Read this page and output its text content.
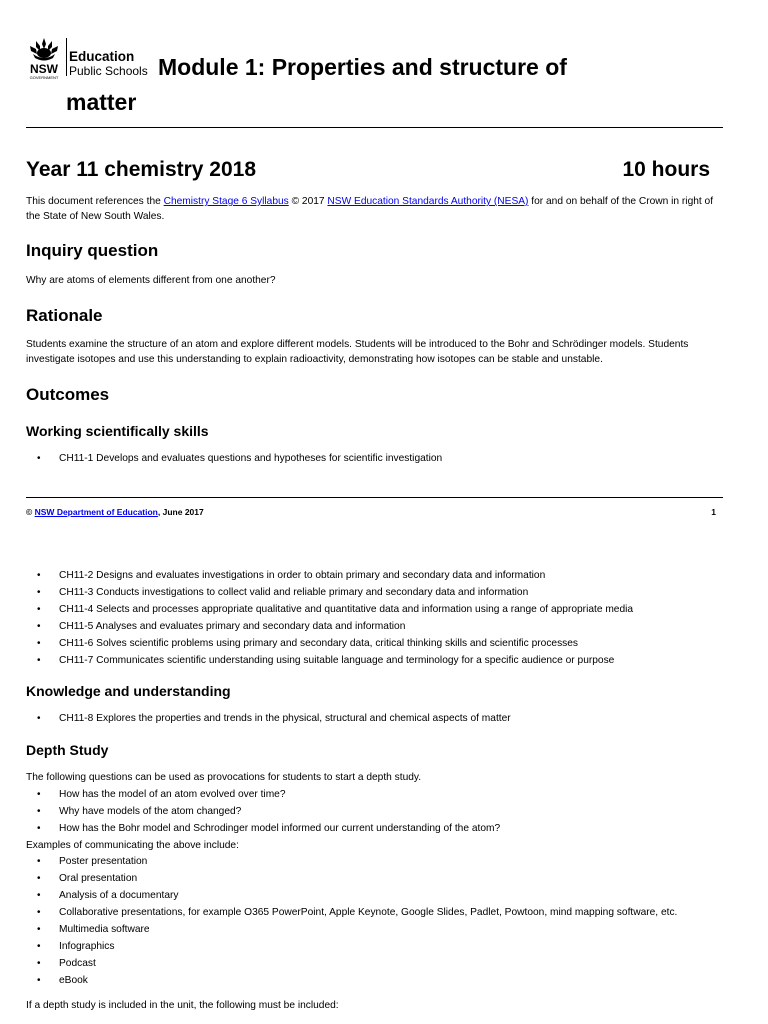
NSW
GOVERNMENT
Education
Public Schools Module 1: Properties and structure of
matter
Year 11 chemistry 2018	10 hours

This document references the Chemistry Stage 6 Syllabus © 2017 NSW Education Standards Authority (NESA) for and on behalf of the Crown in right of the State of New South Wales.

Inquiry question

Why are atoms of elements different from one another?

Rationale

Students examine the structure of an atom and explore different models. Students will be introduced to the Bohr and Schrödinger models. Students investigate isotopes and use this understanding to explain radioactivity, demonstrating how isotopes can be stable and unstable.

Outcomes
Working scientifically skills
• CH11-1 Develops and evaluates questions and hypotheses for scientific investigation
© NSW Department of Education, June 2017	1
• CH11-2 Designs and evaluates investigations in order to obtain primary and secondary data and information
• CH11-3 Conducts investigations to collect valid and reliable primary and secondary data and information
• CH11-4 Selects and processes appropriate qualitative and quantitative data and information using a range of appropriate media
• CH11-5 Analyses and evaluates primary and secondary data and information
• CH11-6 Solves scientific problems using primary and secondary data, critical thinking skills and scientific processes
• CH11-7 Communicates scientific understanding using suitable language and terminology for a specific audience or purpose
Knowledge and understanding
• CH11-8 Explores the properties and trends in the physical, structural and chemical aspects of matter
Depth Study

The following questions can be used as provocations for students to start a depth study.

• How has the model of an atom evolved over time?
• Why have models of the atom changed?
• How has the Bohr model and Schrodinger model informed our current understanding of the atom?

Examples of communicating the above include:

• Poster presentation
• Oral presentation
• Analysis of a documentary
• Collaborative presentations, for example O365 PowerPoint, Apple Keynote, Google Slides, Padlet, Powtoon, mind mapping software, etc.
• Multimedia software
• Infographics
• Podcast
• eBook

If a depth study is included in the unit, the following must be included:
